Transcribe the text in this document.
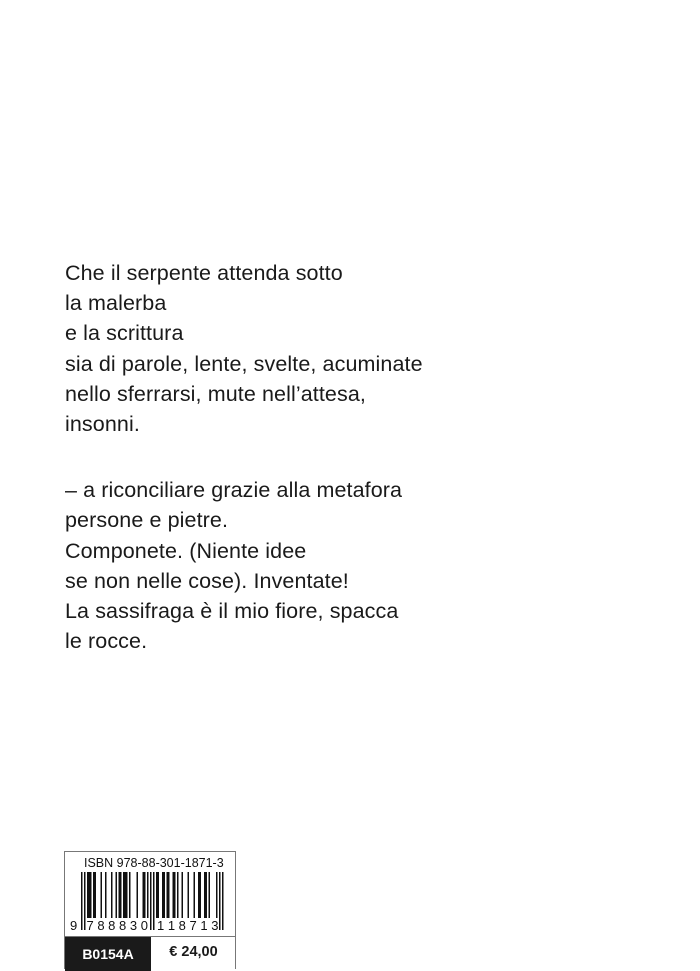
Che il serpente attenda sotto
la malerba
e la scrittura
sia di parole, lente, svelte, acuminate
nello sferrarsi, mute nell’attesa,
insonni.
– a riconciliare grazie alla metafora
persone e pietre.
Componete. (Niente idee
se non nelle cose). Inventate!
La sassifraga è il mio fiore, spacca
le rocce.
ISBN 978-88-301-1871-3
9 7 8 8 8 3 0 1 1 8 7 1 3
B0154A	€ 24,00
